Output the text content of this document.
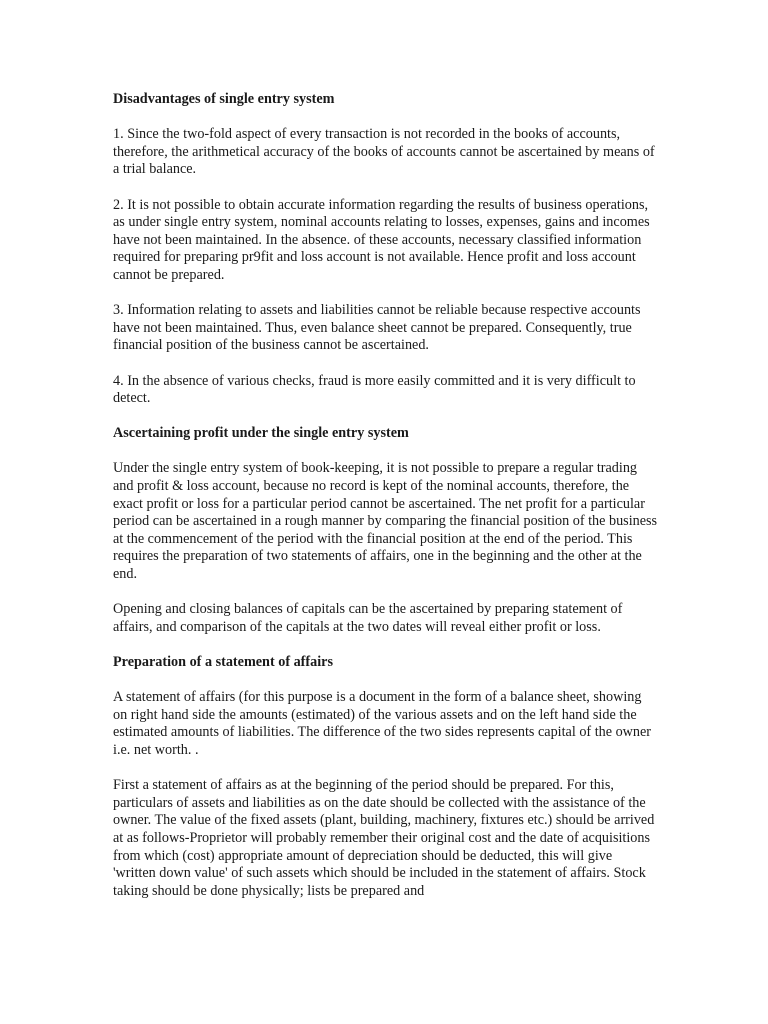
Disadvantages of single entry system
1. Since the two-fold aspect of every transaction is not recorded in the books of accounts, therefore, the arithmetical accuracy of the books of accounts cannot be ascertained by means of a trial balance.
2. It is not possible to obtain accurate information regarding the results of business operations, as under single entry system, nominal accounts relating to losses, expenses, gains and incomes have not been maintained. In the absence. of these accounts, necessary classified information required for preparing pr9fit and loss account is not available. Hence profit and loss account cannot be prepared.
3. Information relating to assets and liabilities cannot be reliable because respective accounts have not been maintained. Thus, even balance sheet cannot be prepared. Consequently, true financial position of the business cannot be ascertained.
4. In the absence of various checks, fraud is more easily committed and it is very difficult to detect.
Ascertaining profit under the single entry system
Under the single entry system of book-keeping, it is not possible to prepare a regular trading and profit & loss account, because no record is kept of the nominal accounts, therefore, the exact profit or loss for a particular period cannot be ascertained. The net profit for a particular period can be ascertained in a rough manner by comparing the financial position of the business at the commencement of the period with the financial position at the end of the period. This requires the preparation of two statements of affairs, one in the beginning and the other at the end.
Opening and closing balances of capitals can be the ascertained by preparing statement of affairs, and comparison of the capitals at the two dates will reveal either profit or loss.
Preparation of a statement of affairs
A statement of affairs (for this purpose is a document in the form of a balance sheet, showing on right hand side the amounts (estimated) of the various assets and on the left hand side the estimated amounts of liabilities. The difference of the two sides represents capital of the owner i.e. net worth. .
First a statement of affairs as at the beginning of the period should be prepared. For this, particulars of assets and liabilities as on the date should be collected with the assistance of the owner. The value of the fixed assets (plant, building, machinery, fixtures etc.) should be arrived at as follows-Proprietor will probably remember their original cost and the date of acquisitions from which (cost) appropriate amount of depreciation should be deducted, this will give 'written down value' of such assets which should be included in the statement of affairs. Stock taking should be done physically; lists be prepared and
